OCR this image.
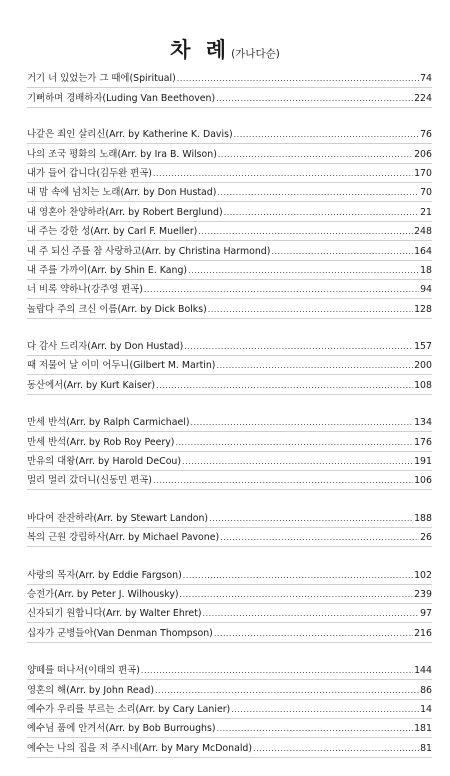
차 례(가나다순)
거기 너 있었는가 그 때에(Spiritual) .....	74
기뻐하며 경배하자(Luding Van Beethoven) .....	224
나같은 죄인 살리신(Arr. by Katherine K. Davis) .....	76
나의 조국 평화의 노래(Arr. by Ira B. Wilson) .....	206
내가 들어 갑니다(김두완 편곡) .....	170
내 맘 속에 넘치는 노래(Arr. by Don Hustad) .....	70
내 영혼아 찬양하라(Arr. by Robert Berglund) .....	21
내 주는 강한 성(Arr. by Carl F. Mueller) .....	248
내 주 되신 주를 참 사랑하고(Arr. by Christina Harmond) .....	164
내 주를 가까이(Arr. by Shin E. Kang) .....	18
너 비록 약하나(강주영 편곡) .....	94
놀랍다 주의 크신 이름(Arr. by Dick Bolks) .....	128
다 감사 드리자(Arr. by Don Hustad) .....	157
때 저물어 날 이미 어두니(Gilbert M. Martin) .....	200
동산에서(Arr. by Kurt Kaiser) .....	108
만세 반석(Arr. by Ralph Carmichael) .....	134
만세 반석(Arr. by Rob Roy Peery) .....	176
만유의 대왕(Arr. by Harold DeCou) .....	191
멀리 멀리 갔더니(신동민 편곡) .....	106
바다여 잔잔하라(Arr. by Stewart Landon) .....	188
복의 근원 강림하사(Arr. by Michael Pavone) .....	26
사랑의 목자(Arr. by Eddie Fargson) .....	102
승전가(Arr. by Peter J. Wilhousky) .....	239
신자되기 원합니다(Arr. by Walter Ehret) .....	97
십자가 군병들아(Van Denman Thompson) .....	216
양떼를 떠나서(이태의 편곡) .....	144
영혼의 해(Arr. by John Read) .....	86
예수가 우리를 부르는 소리(Arr. by Cary Lanier) .....	14
예수님 품에 안겨서(Arr. by Bob Burroughs) .....	181
예수는 나의 집을 저 주시네(Arr. by Mary McDonald) .....	81
